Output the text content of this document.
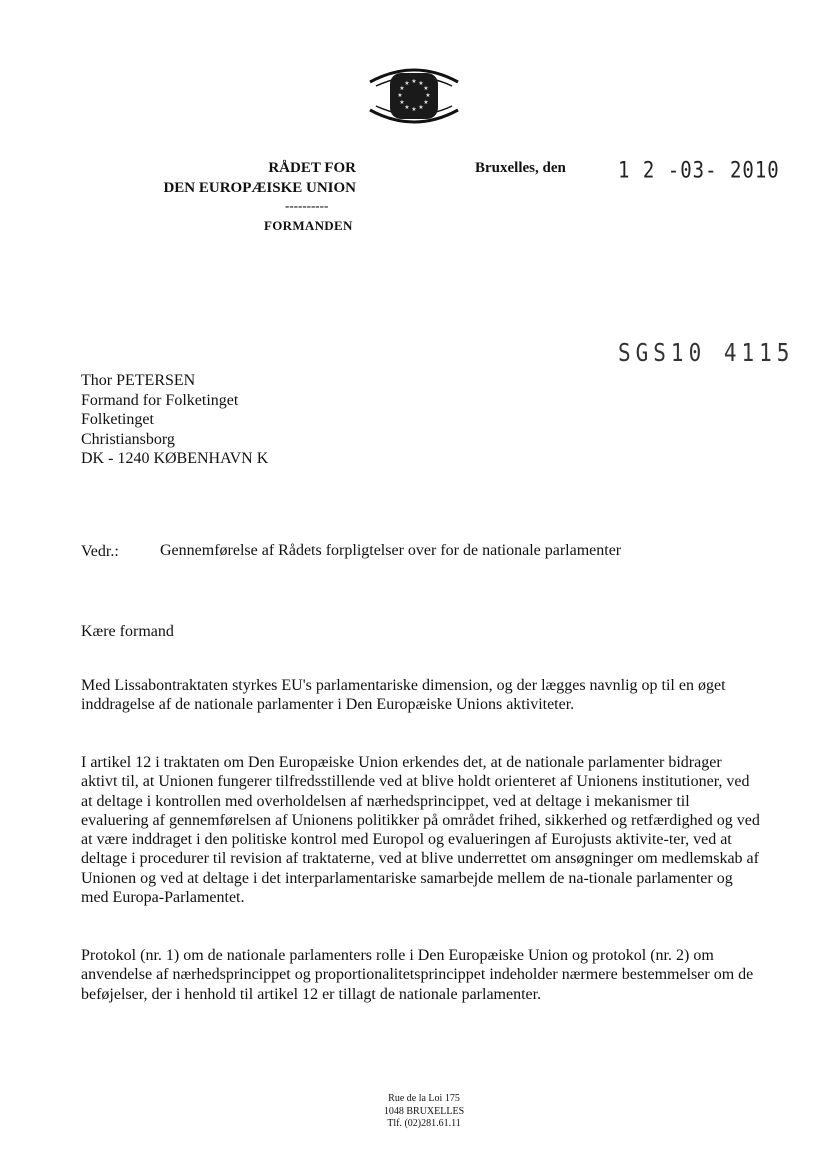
★ ★
★
★
★
★
★
★
★
★
★
★
RÅDET FOR
DEN EUROPÆISKE UNION
----------
FORMANDEN
Bruxelles, den	1 2 -03- 2010
SGS10 4115
Thor PETERSEN
Formand for Folketinget
Folketinget
Christiansborg
DK - 1240 KØBENHAVN K
Vedr.:	Gennemførelse af Rådets forpligtelser over for de nationale parlamenter
Kære formand
Med Lissabontraktaten styrkes EU's parlamentariske dimension, og der lægges navnlig op til en øget inddragelse af de nationale parlamenter i Den Europæiske Unions aktiviteter.
I artikel 12 i traktaten om Den Europæiske Union erkendes det, at de nationale parlamenter bidrager aktivt til, at Unionen fungerer tilfredsstillende ved at blive holdt orienteret af Unionens institutioner, ved at deltage i kontrollen med overholdelsen af nærhedsprincippet, ved at deltage i mekanismer til evaluering af gennemførelsen af Unionens politikker på området frihed, sikkerhed og retfærdighed og ved at være inddraget i den politiske kontrol med Europol og evalueringen af Eurojusts aktivite-ter, ved at deltage i procedurer til revision af traktaterne, ved at blive underrettet om ansøgninger om medlemskab af Unionen og ved at deltage i det interparlamentariske samarbejde mellem de na-tionale parlamenter og med Europa-Parlamentet.
Protokol (nr. 1) om de nationale parlamenters rolle i Den Europæiske Union og protokol (nr. 2) om anvendelse af nærhedsprincippet og proportionalitetsprincippet indeholder nærmere bestemmelser om de beføjelser, der i henhold til artikel 12 er tillagt de nationale parlamenter.
Rue de la Loi 175
1048 BRUXELLES
Tlf. (02)281.61.11
